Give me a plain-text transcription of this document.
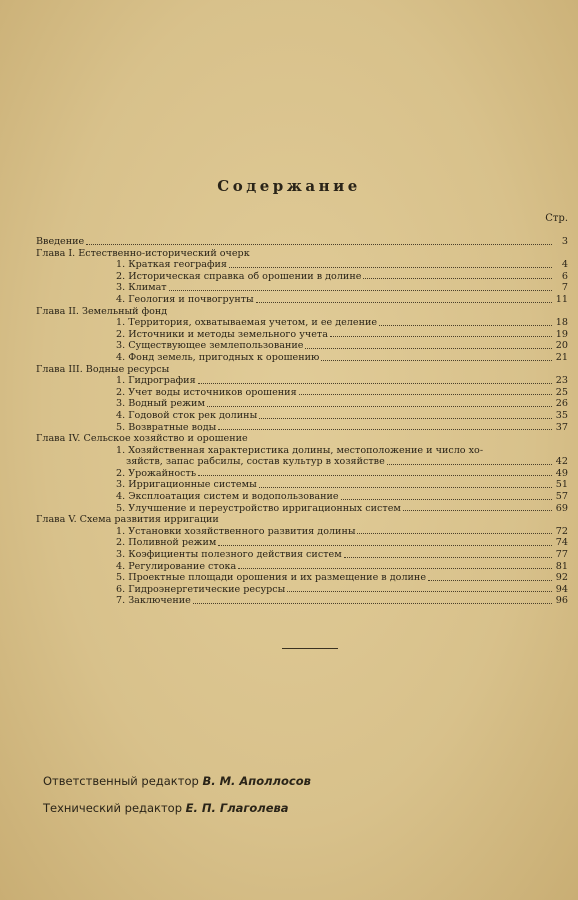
Содержание
Стр.
Введение	3
Глава I. Естественно-исторический очерк
1. Краткая география	4
2. Историческая справка об орошении в долине	6
3. Климат	7
4. Геология и почвогрунты	11
Глава II. Земельный фонд
1. Территория, охватываемая учетом, и ее деление	18
2. Источники и методы земельного учета	19
3. Существующее землепользование	20
4. Фонд земель, пригодных к орошению	21
Глава III. Водные ресурсы
1. Гидрография	23
2. Учет воды источников орошения	25
3. Водный режим	26
4. Годовой сток рек долины	35
5. Возвратные воды	37
Глава IV. Сельское хозяйство и орошение
1. Хозяйственная характеристика долины, местоположение и число хо-
зяйств, запас рабсилы, состав культур в хозяйстве	42
2. Урожайность	49
3. Ирригационные системы	51
4. Эксплоатация систем и водопользование	57
5. Улучшение и переустройство ирригационных систем	69
Глава V. Схема развития ирригации
1. Установки хозяйственного развития долины	72
2. Поливной режим	74
3. Коэфициенты полезного действия систем	77
4. Регулирование стока	81
5. Проектные площади орошения и их размещение в долине	92
6. Гидроэнергетические ресурсы	94
7. Заключение	96
Ответственный редактор В. М. Аполлосов
Технический редактор Е. П. Глаголева
